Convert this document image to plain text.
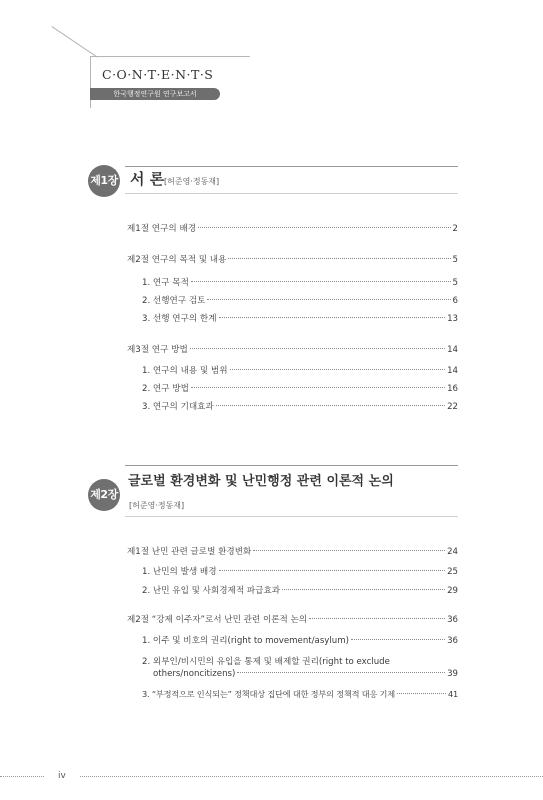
C·O·N·T·E·N·T·S
한국행정연구원 연구보고서
제1장 서 론 [허준영·정동재]
제1절 연구의 배경	2
제2절 연구의 목적 및 내용	5
1. 연구 목적	5
2. 선행연구 검토	6
3. 선행 연구의 한계	13
제3절 연구 방법	14
1. 연구의 내용 및 범위	14
2. 연구 방법	16
3. 연구의 기대효과	22
제2장
글로벌 환경변화 및 난민행정 관련 이론적 논의
[허준영·정동재]
제1절 난민 관련 글로벌 환경변화	24
1. 난민의 발생 배경	25
2. 난민 유입 및 사회경제적 파급효과	29
제2절 “강제 이주자”로서 난민 관련 이론적 논의	36
1. 이주 및 비호의 권리(right to movement/asylum)	36
2. 외부인/비시민의 유입을 통제 및 배제할 권리(right to exclude
others/noncitizens)	39
3. “부정적으로 인식되는” 정책대상 집단에 대한 정부의 정책적 대응 기제	41
iv
